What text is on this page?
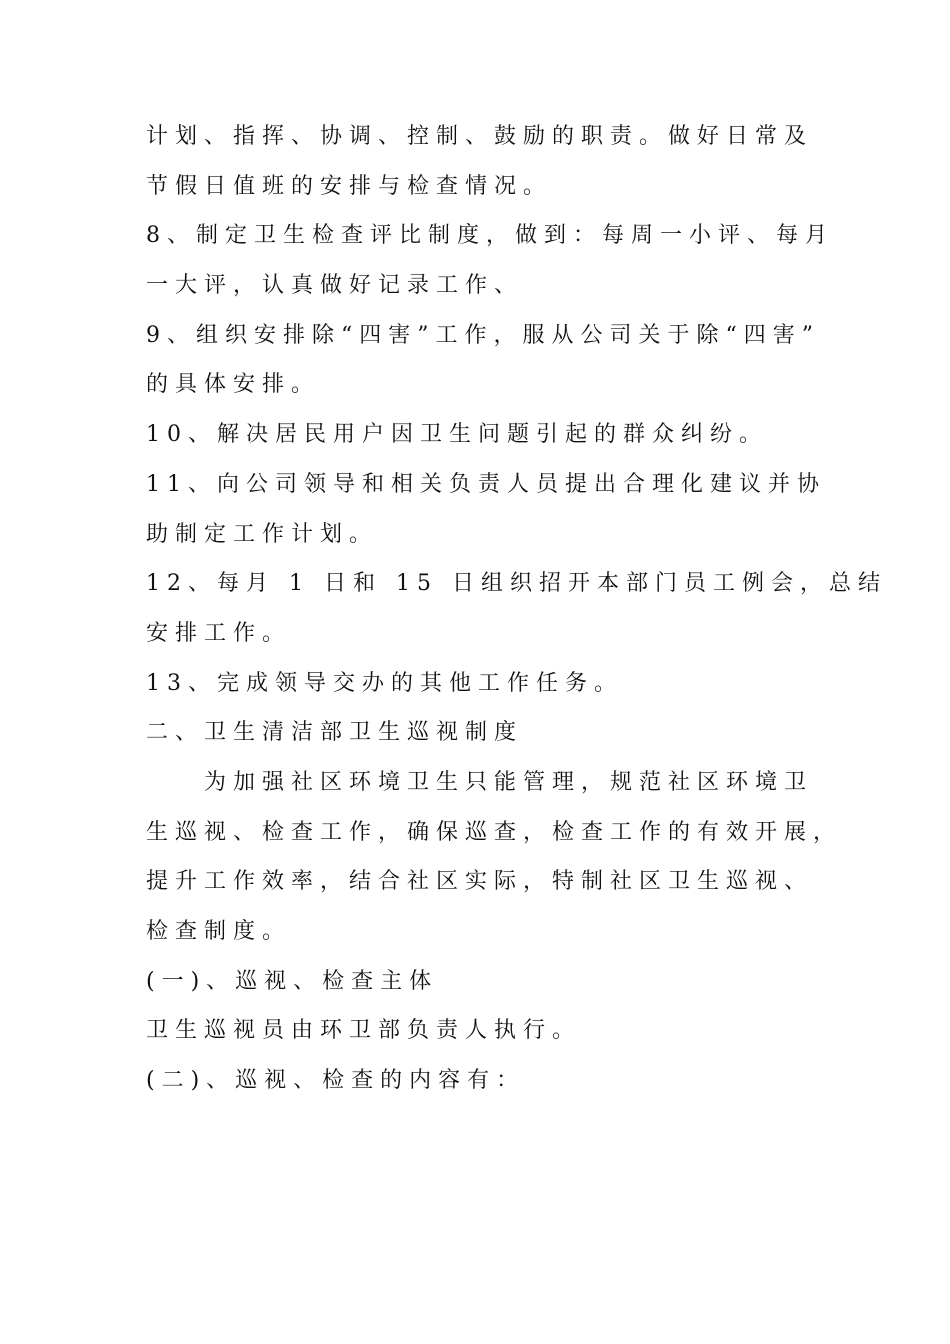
计划、指挥、协调、控制、鼓励的职责。做好日常及
节假日值班的安排与检查情况。
8、制定卫生检查评比制度，做到：每周一小评、每月
一大评，认真做好记录工作、
9、组织安排除“四害”工作，服从公司关于除“四害”
的具体安排。
10、解决居民用户因卫生问题引起的群众纠纷。
11、向公司领导和相关负责人员提出合理化建议并协
助制定工作计划。
12、每月 1 日和 15 日组织招开本部门员工例会，总结
安排工作。
13、完成领导交办的其他工作任务。
二、卫生清洁部卫生巡视制度
为加强社区环境卫生只能管理，规范社区环境卫
生巡视、检查工作，确保巡查，检查工作的有效开展，
提升工作效率，结合社区实际，特制社区卫生巡视、
检查制度。
(一)、巡视、检查主体
卫生巡视员由环卫部负责人执行。
(二)、巡视、检查的内容有：
